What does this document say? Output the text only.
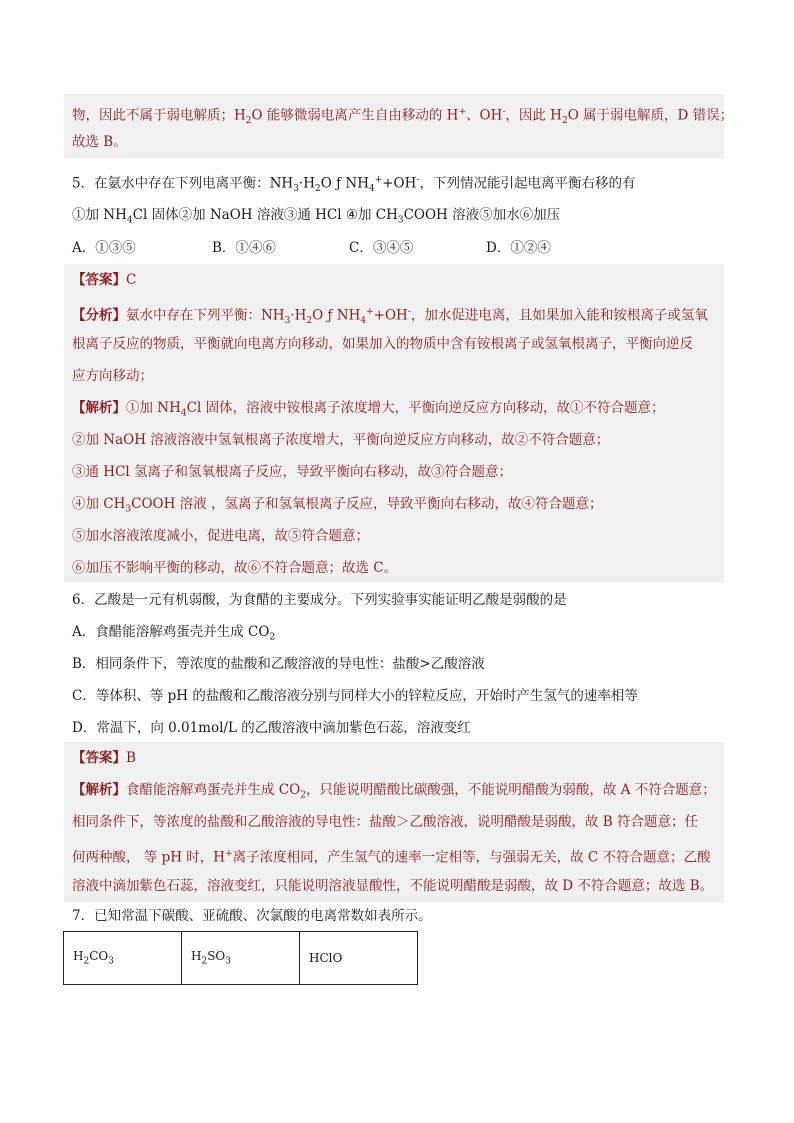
物，因此不属于弱电解质；$H_2O$ 能够微弱电离产生自由移动的 H+、OH-，因此 $H_2O$ 属于弱电解质，D 错误；
故选 B。
5．在氨水中存在下列电离平衡：$NH_3\cdot H_2O$ ƒ $NH_4^++OH^-$，下列情况能引起电离平衡右移的有
①加 $NH_4Cl$ 固体②加 NaOH 溶液③通 HCl ④加 $CH_3COOH$ 溶液⑤加水⑥加压
A．①③⑤	B．①④⑥	C．③④⑤	D．①②④
【答案】C
【分析】氨水中存在下列平衡：$NH_3\cdot H_2O$ ƒ $NH_4^++OH^-$，加水促进电离，且如果加入能和铵根离子或氢氧
根离子反应的物质，平衡就向电离方向移动，如果加入的物质中含有铵根离子或氢氧根离子，平衡向逆反
应方向移动；
【解析】①加 $NH_4Cl$ 固体，溶液中铵根离子浓度增大，平衡向逆反应方向移动，故①不符合题意；
②加 NaOH 溶液溶液中氢氧根离子浓度增大，平衡向逆反应方向移动，故②不符合题意；
③通 HCl 氢离子和氢氧根离子反应，导致平衡向右移动，故③符合题意；
④加 $CH_3COOH$ 溶液 ，氢离子和氢氧根离子反应，导致平衡向右移动，故④符合题意；
⑤加水溶液浓度减小，促进电离，故⑤符合题意；
⑥加压不影响平衡的移动，故⑥不符合题意；故选 C。
6．乙酸是一元有机弱酸，为食醋的主要成分。下列实验事实能证明乙酸是弱酸的是
A．食醋能溶解鸡蛋壳并生成 $CO_2$
B．相同条件下，等浓度的盐酸和乙酸溶液的导电性：盐酸>乙酸溶液
C．等体积、等 pH 的盐酸和乙酸溶液分别与同样大小的锌粒反应，开始时产生氢气的速率相等
D．常温下，向 0.01mol/L 的乙酸溶液中滴加紫色石蕊，溶液变红
【答案】B
【解析】食醋能溶解鸡蛋壳并生成 $CO_2$，只能说明醋酸比碳酸强，不能说明醋酸为弱酸，故 A 不符合题意；
相同条件下，等浓度的盐酸和乙酸溶液的导电性：盐酸＞乙酸溶液，说明醋酸是弱酸，故 B 符合题意；任
何两种酸， 等 pH 时，H+离子浓度相同，产生氢气的速率一定相等，与强弱无关，故 C 不符合题意；乙酸
溶液中滴加紫色石蕊，溶液变红，只能说明溶液显酸性，不能说明醋酸是弱酸，故 D 不符合题意；故选 B。
7．已知常温下碳酸、亚硫酸、次氯酸的电离常数如表所示。
$H_2CO_3$	$H_2SO_3$	HClO
